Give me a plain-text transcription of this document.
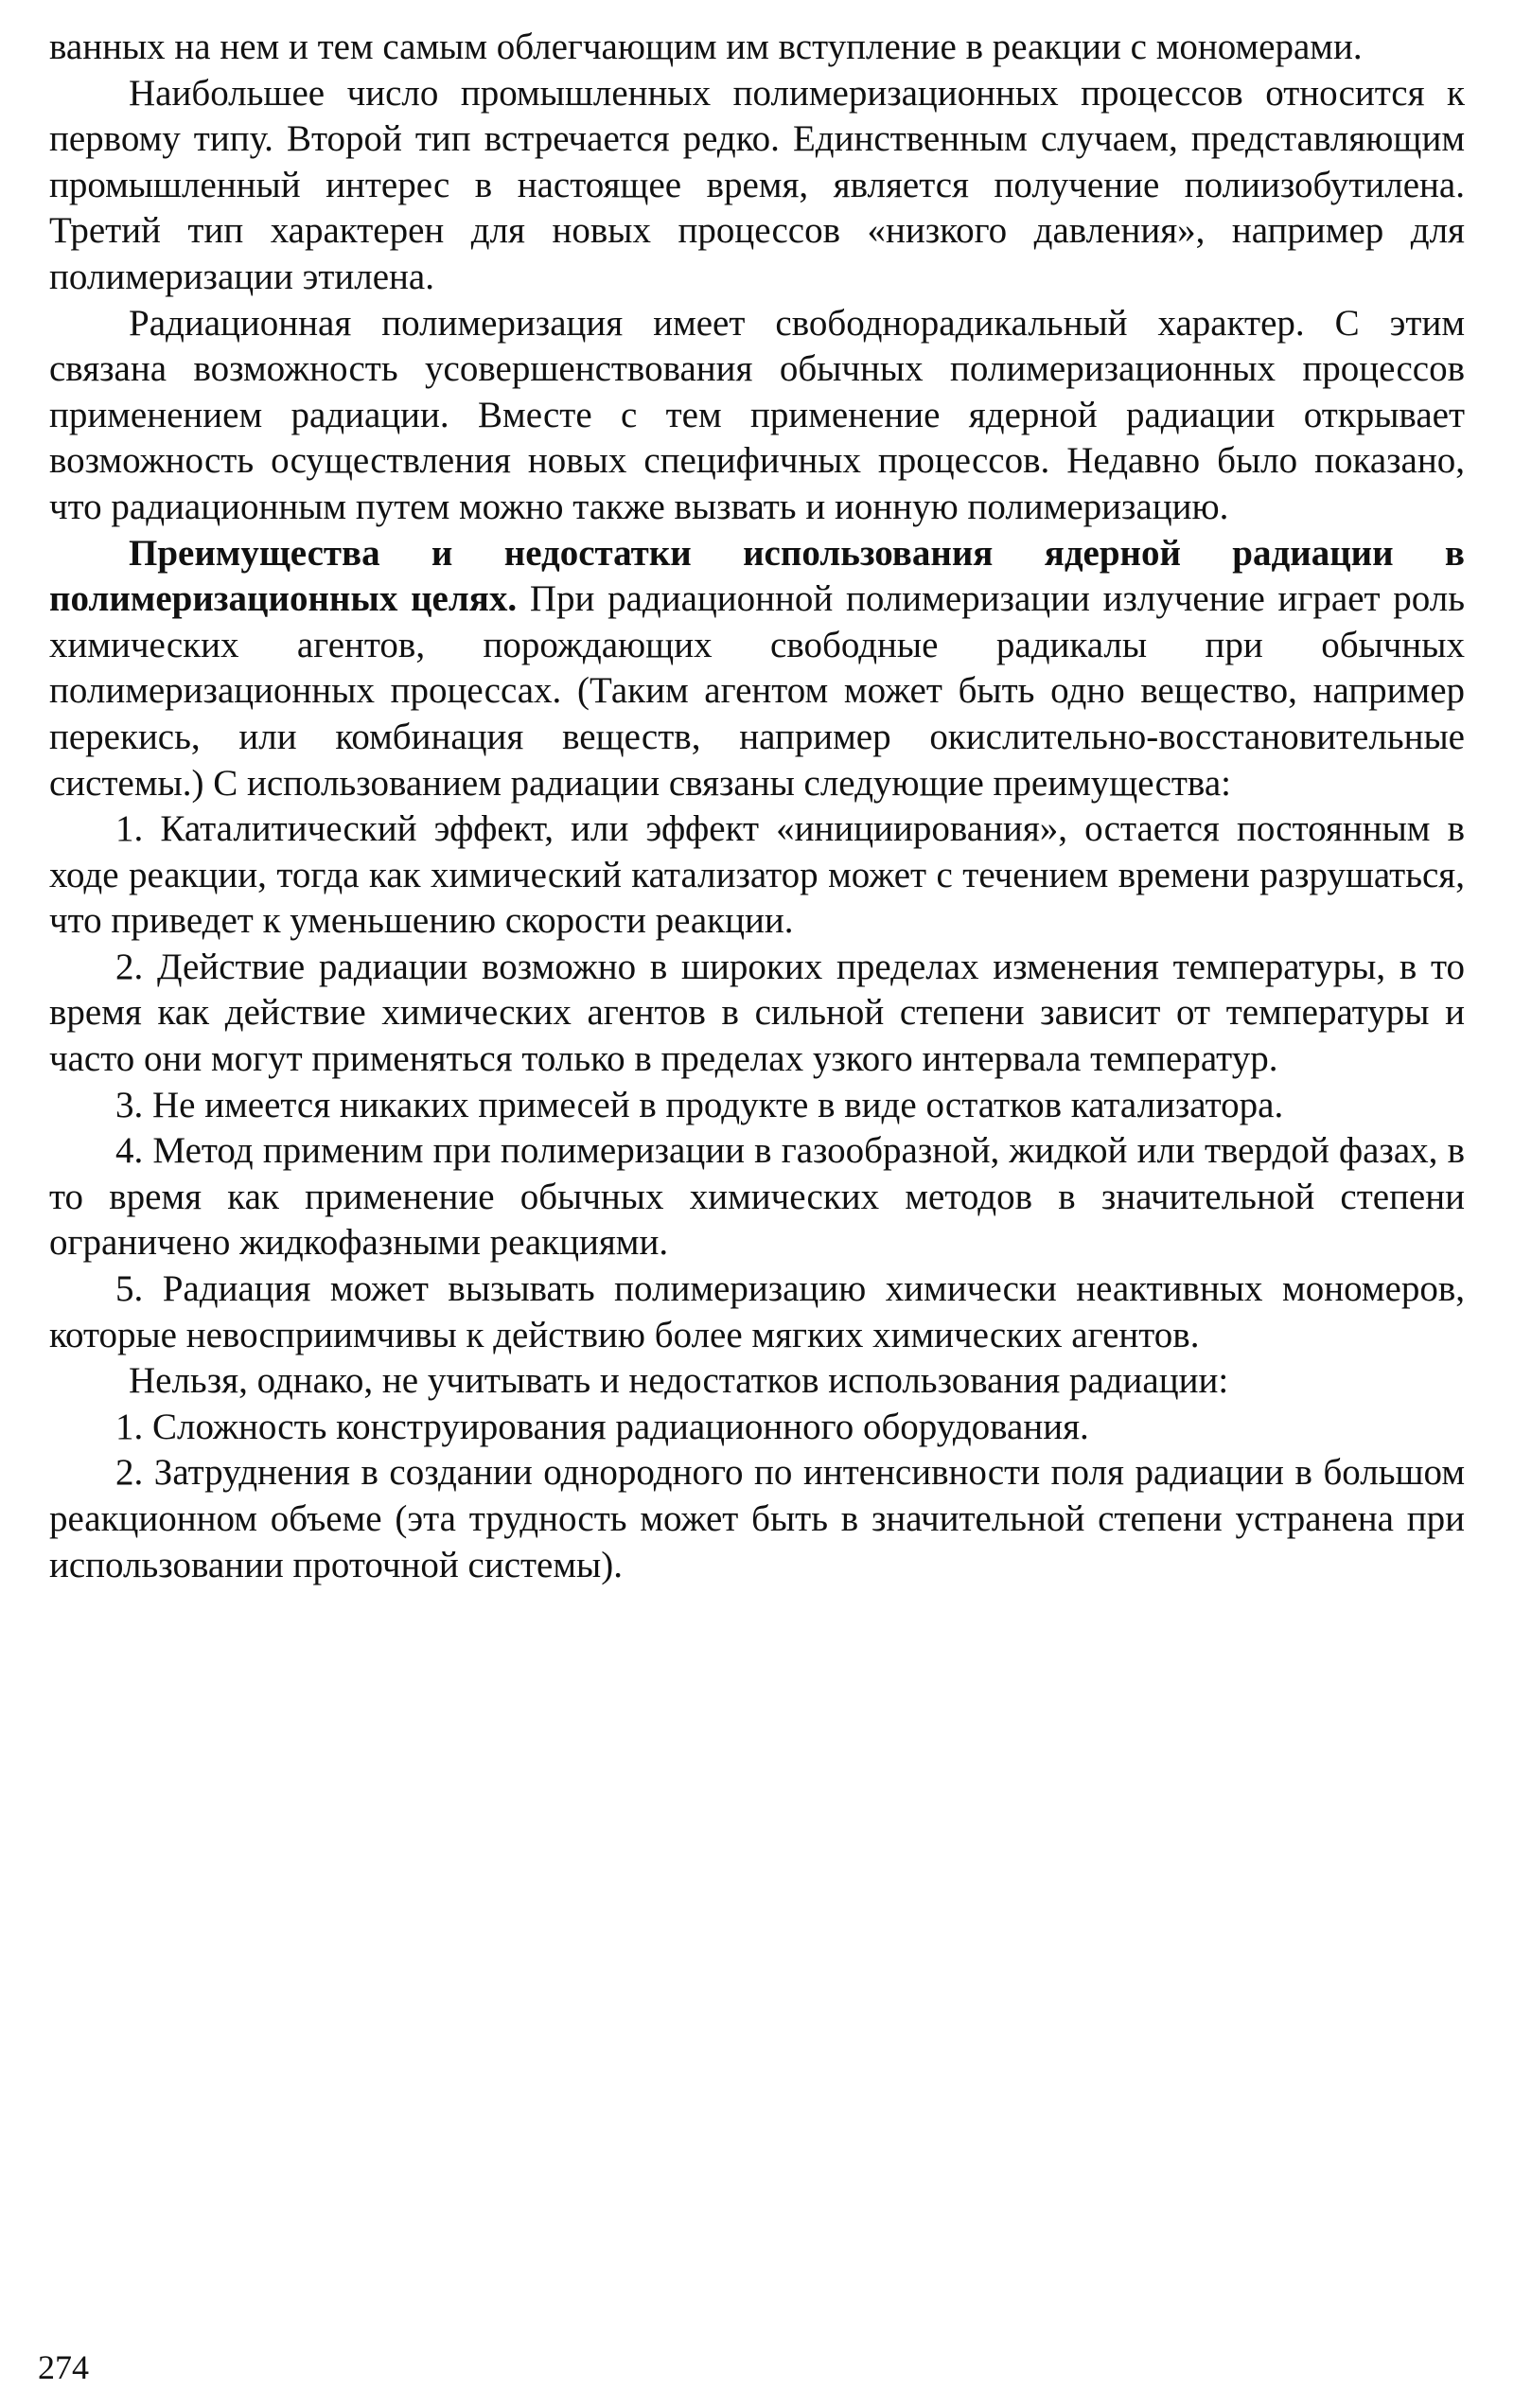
ванных на нем и тем самым облегчающим им вступление в реакции с мономерами.

Наибольшее число промышленных полимеризационных процессов относится к первому типу. Второй тип встречается редко. Единственным случаем, представляющим промышленный интерес в настоящее время, является получение полиизобутилена. Третий тип характерен для новых процессов «низкого давления», например для полимеризации этилена.

Радиационная полимеризация имеет свободнорадикальный характер. С этим связана возможность усовершенствования обычных полимеризационных процессов применением радиации. Вместе с тем применение ядерной радиации открывает возможность осуществления новых специфичных процессов. Недавно было показано, что радиационным путем можно также вызвать и ионную полимеризацию.

Преимущества и недостатки использования ядерной радиации в полимеризационных целях. При радиационной полимеризации излучение играет роль химических агентов, порождающих свободные радикалы при обычных полимеризационных процессах. (Таким агентом может быть одно вещество, например перекись, или комбинация веществ, например окислительно-восстановительные системы.) С использованием радиации связаны следующие преимущества:

1. Каталитический эффект, или эффект «инициирования», остается постоянным в ходе реакции, тогда как химический катализатор может с течением времени разрушаться, что приведет к уменьшению скорости реакции.

2. Действие радиации возможно в широких пределах изменения температуры, в то время как действие химических агентов в сильной степени зависит от температуры и часто они могут применяться только в пределах узкого интервала температур.

3. Не имеется никаких примесей в продукте в виде остатков катализатора.

4. Метод применим при полимеризации в газообразной, жидкой или твердой фазах, в то время как применение обычных химических методов в значительной степени ограничено жидкофазными реакциями.

5. Радиация может вызывать полимеризацию химически неактивных мономеров, которые невосприимчивы к действию более мягких химических агентов.

Нельзя, однако, не учитывать и недостатков использования радиации:

1. Сложность конструирования радиационного оборудования.

2. Затруднения в создании однородного по интенсивности поля радиации в большом реакционном объеме (эта трудность может быть в значительной степени устранена при использовании проточной системы).

274
